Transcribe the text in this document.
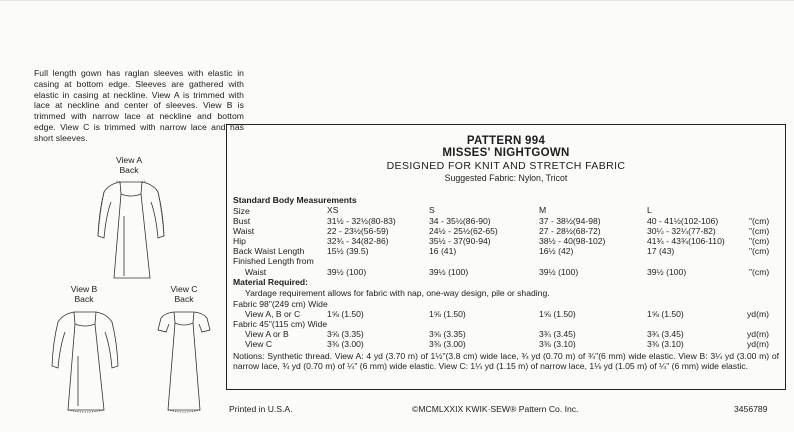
Full length gown has raglan sleeves with elastic in casing at bottom edge. Sleeves are gathered with elastic in casing at neckline. View A is trimmed with lace at neckline and center of sleeves. View B is trimmed with narrow lace at neckline and bottom edge. View C is trimmed with narrow lace and has short sleeves.
View A
Back
View B
Back
View C
Back
PATTERN 994
MISSES' NIGHTGOWN
DESIGNED FOR KNIT AND STRETCH FABRIC
Suggested Fabric: Nylon, Tricot
Standard Body Measurements
Size	XS	S	M	L
Bust	31½ - 32½(80-83)	34 - 35½(86-90)	37 - 38½(94-98)	40 - 41½(102-106)	"(cm)
Waist	22 - 23½(56-59)	24½ - 25½(62-65)	27 - 28½(68-72)	30¼ - 32¼(77-82)	"(cm)
Hip	32¾ - 34(82-86)	35½ - 37(90-94)	38½ - 40(98-102)	41¾ - 43¾(106-110)	"(cm)
Back Waist Length	15½ (39.5)	16 (41)	16½ (42)	17 (43)	"(cm)
Finished Length from
Waist	39½ (100)	39½ (100)	39½ (100)	39½ (100)	"(cm)
Material Required:
Yardage requirement allows for fabric with nap, one-way design, pile or shading.
Fabric 98"(249 cm) Wide
View A, B or C	1⅝ (1.50)	1⅝ (1.50)	1⅝ (1.50)	1⅝ (1.50)	yd(m)
Fabric 45"(115 cm) Wide
View A or B	3⅝ (3.35)	3⅝ (3.35)	3¾ (3.45)	3¾ (3.45)	yd(m)
View C	3⅜ (3.00)	3⅜ (3.00)	3⅜ (3.10)	3⅜ (3.10)	yd(m)
Notions: Synthetic thread. View A: 4 yd (3.70 m) of 1½"(3.8 cm) wide lace, ¾ yd (0.70 m) of ¾"(6 mm) wide elastic. View B: 3¼ yd (3.00 m) of narrow lace, ¾ yd (0.70 m) of ¼" (6 mm) wide elastic. View C: 1¼ yd (1.15 m) of narrow lace, 1⅛ yd (1.05 m) of ¼" (6 mm) wide elastic.
Printed in U.S.A.	©MCMLXXIX KWIK·SEW® Pattern Co. Inc.	3456789
